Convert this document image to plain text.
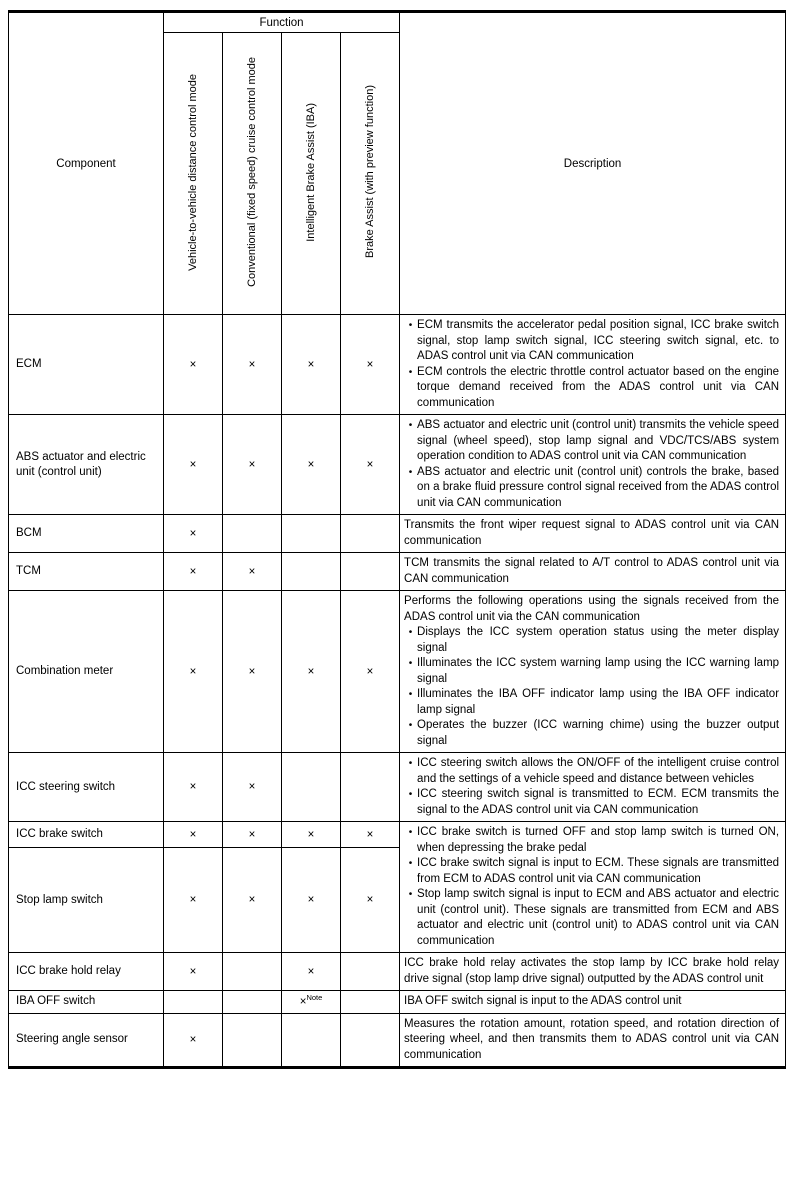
Component	Function				Description
	Vehicle-to-vehicle distance control mode	Conventional (fixed speed) cruise control mode	Intelligent Brake Assist (IBA)	Brake Assist (with preview function)	
ECM	×	×	×	×	• ECM transmits the accelerator pedal position signal, ICC brake switch signal, stop lamp switch signal, ICC steering switch signal, etc. to ADAS control unit via CAN communication
• ECM controls the electric throttle control actuator based on the engine torque demand received from the ADAS control unit via CAN communication

ABS actuator and electric unit (control unit)	×	×	×	×	• ABS actuator and electric unit (control unit) transmits the vehicle speed signal (wheel speed), stop lamp signal and VDC/TCS/ABS system operation condition to ADAS control unit via CAN communication
• ABS actuator and electric unit (control unit) controls the brake, based on a brake fluid pressure control signal received from the ADAS control unit via CAN communication

BCM	×				Transmits the front wiper request signal to ADAS control unit via CAN communication

TCM	×	×			TCM transmits the signal related to A/T control to ADAS control unit via CAN communication

Combination meter	×	×	×	×	
Performs the following operations using the signals received from the ADAS control unit via the CAN communication
• Displays the ICC system operation status using the meter display signal
• Illuminates the ICC system warning lamp using the ICC warning lamp signal
• Illuminates the IBA OFF indicator lamp using the IBA OFF indicator lamp signal
• Operates the buzzer (ICC warning chime) using the buzzer output signal

ICC steering switch	×	×			• ICC steering switch allows the ON/OFF of the intelligent cruise control and the settings of a vehicle speed and distance between vehicles
• ICC steering switch signal is transmitted to ECM. ECM transmits the signal to the ADAS control unit via CAN communication

ICC brake switch	×	×	×	×	• ICC brake switch is turned OFF and stop lamp switch is turned ON, when depressing the brake pedal
• ICC brake switch signal is input to ECM. These signals are transmitted from ECM to ADAS control unit via CAN communication
• Stop lamp switch signal is input to ECM and ABS actuator and electric unit (control unit). These signals are transmitted from ECM and ABS actuator and electric unit (control unit) to ADAS control unit via CAN communication

Stop lamp switch	×	×	×	×	
ICC brake hold relay	×		×		ICC brake hold relay activates the stop lamp by ICC brake hold relay drive signal (stop lamp drive signal) outputted by the ADAS control unit

IBA OFF switch			×$^{Note}$		IBA OFF switch signal is input to the ADAS control unit

Steering angle sensor	×				Measures the rotation amount, rotation speed, and rotation direction of steering wheel, and then transmits them to ADAS control unit via CAN communication
